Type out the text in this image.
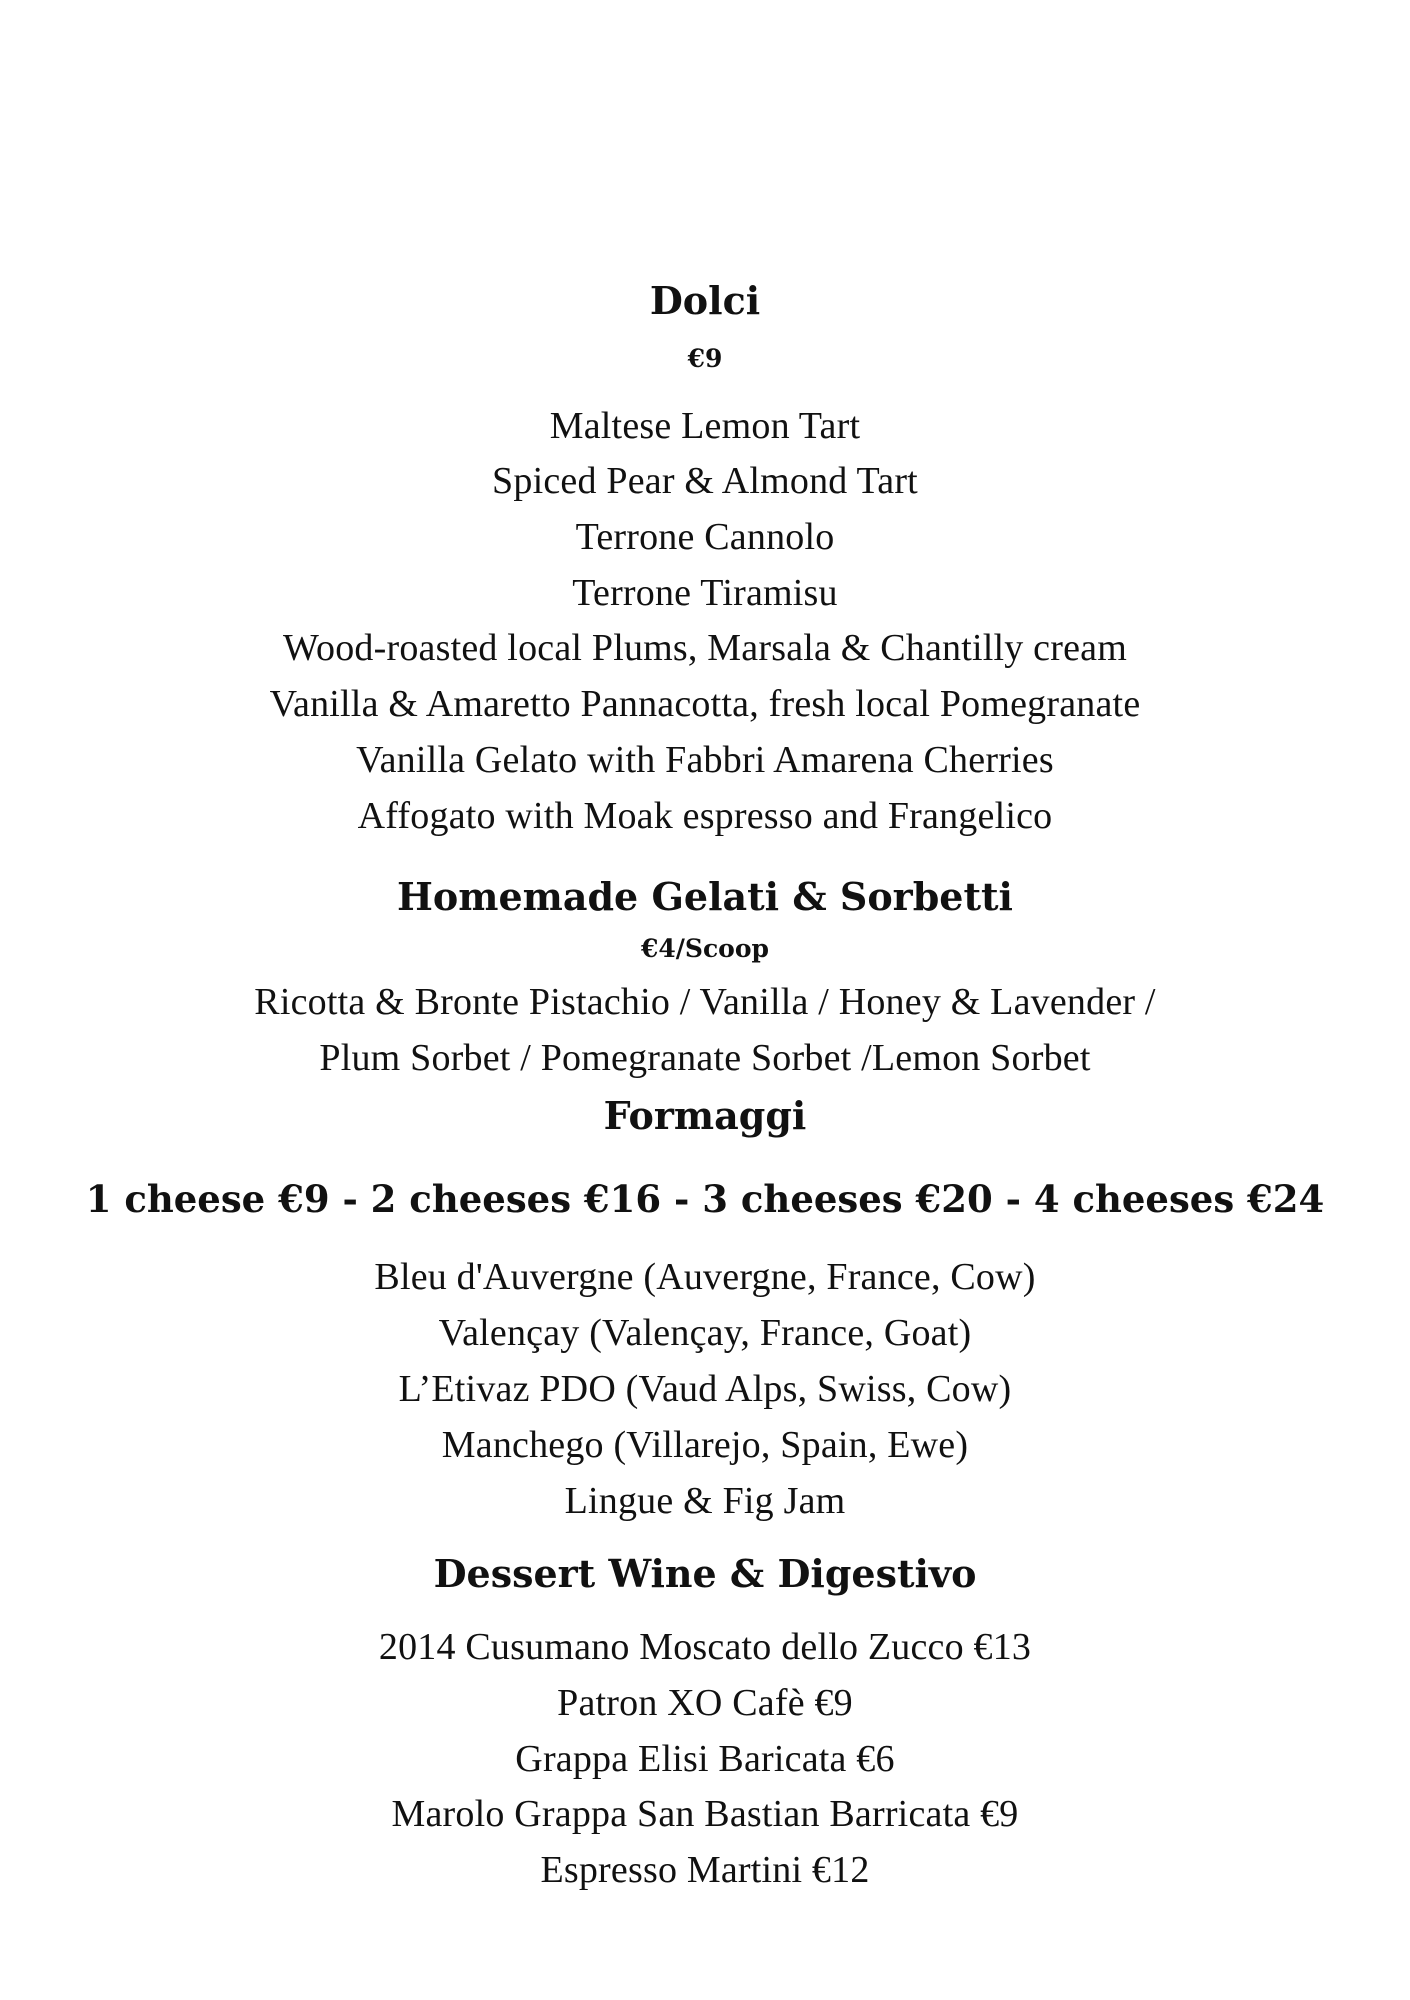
Dolci
€9
Maltese Lemon Tart
Spiced Pear & Almond Tart
Terrone Cannolo
Terrone Tiramisu
Wood-roasted local Plums, Marsala & Chantilly cream
Vanilla & Amaretto Pannacotta, fresh local Pomegranate
Vanilla Gelato with Fabbri Amarena Cherries
Affogato with Moak espresso and Frangelico
Homemade Gelati & Sorbetti
€4/Scoop
Ricotta & Bronte Pistachio / Vanilla / Honey & Lavender /
Plum Sorbet / Pomegranate Sorbet /Lemon Sorbet
Formaggi
1 cheese €9 - 2 cheeses €16 - 3 cheeses €20 - 4 cheeses €24
Bleu d'Auvergne (Auvergne, France, Cow)
Valençay (Valençay, France, Goat)
L’Etivaz PDO (Vaud Alps, Swiss, Cow)
Manchego (Villarejo, Spain, Ewe)
Lingue & Fig Jam
Dessert Wine & Digestivo
2014 Cusumano Moscato dello Zucco €13
Patron XO Cafè €9
Grappa Elisi Baricata €6
Marolo Grappa San Bastian Barricata €9
Espresso Martini €12
